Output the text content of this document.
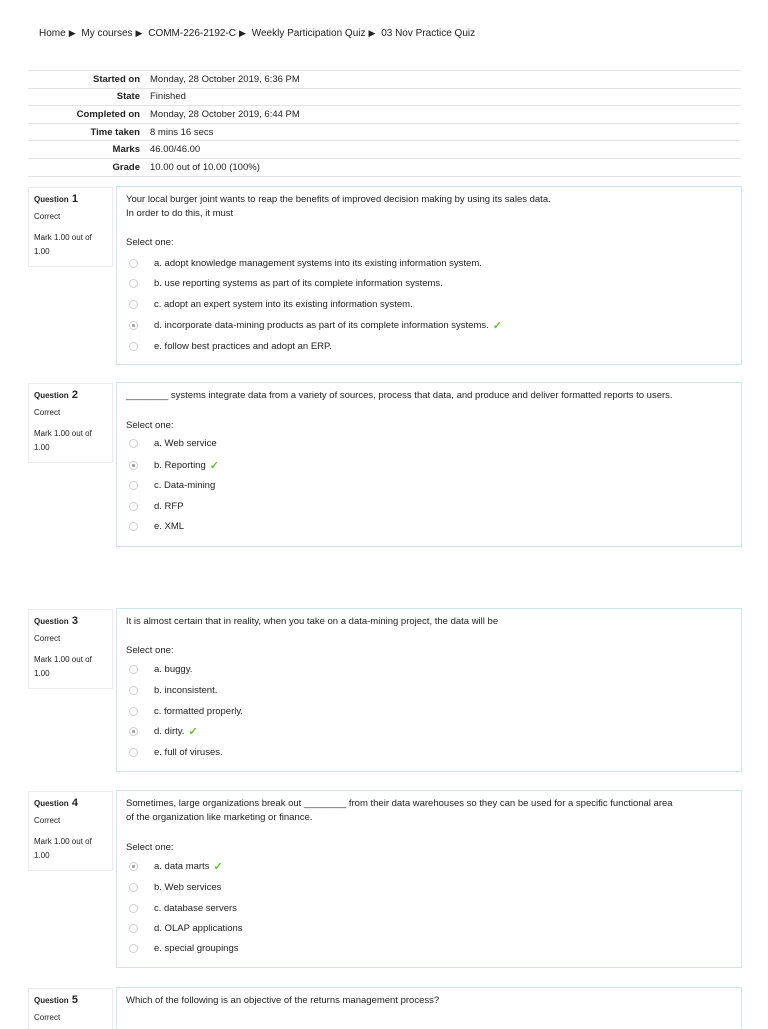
Home ▶ My courses ▶ COMM-226-2192-C ▶ Weekly Participation Quiz ▶ 03 Nov Practice Quiz
Started on	Monday, 28 October 2019, 6:36 PM
State	Finished
Completed on	Monday, 28 October 2019, 6:44 PM
Time taken	8 mins 16 secs
Marks	46.00/46.00
Grade	10.00 out of 10.00 (100%)
Question 1
Correct
Mark 1.00 out of 1.00
Your local burger joint wants to reap the benefits of improved decision making by using its sales data.
In order to do this, it must
Select one:
a. adopt knowledge management systems into its existing information system.
b. use reporting systems as part of its complete information systems.
c. adopt an expert system into its existing information system.
d. incorporate data-mining products as part of its complete information systems. ✓
e. follow best practices and adopt an ERP.
Question 2
Correct
Mark 1.00 out of 1.00
________ systems integrate data from a variety of sources, process that data, and produce and deliver formatted reports to users.
Select one:
a. Web service
b. Reporting ✓
c. Data-mining
d. RFP
e. XML
Question 3
Correct
Mark 1.00 out of 1.00
It is almost certain that in reality, when you take on a data-mining project, the data will be
Select one:
a. buggy.
b. inconsistent.
c. formatted properly.
d. dirty. ✓
e. full of viruses.
Question 4
Correct
Mark 1.00 out of 1.00
Sometimes, large organizations break out ________ from their data warehouses so they can be used for a specific functional area
of the organization like marketing or finance.
Select one:
a. data marts ✓
b. Web services
c. database servers
d. OLAP applications
e. special groupings
Question 5
Correct
Which of the following is an objective of the returns management process?
